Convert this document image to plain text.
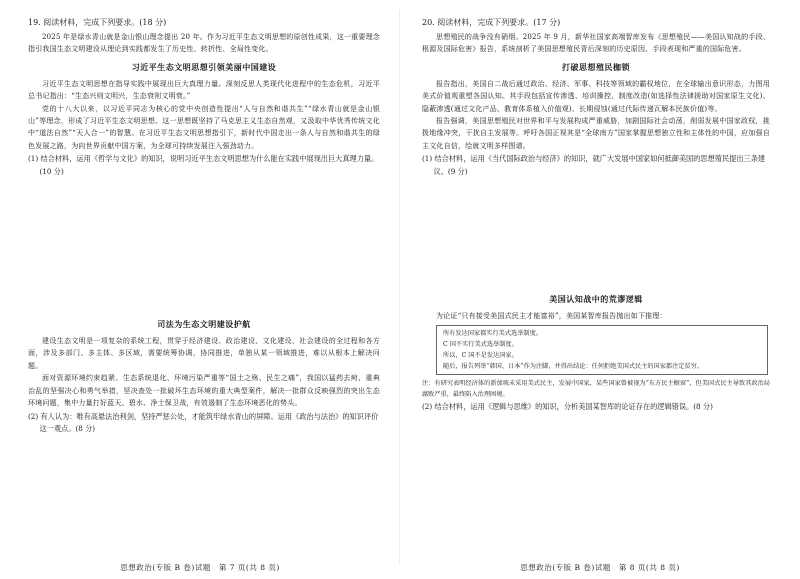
19. 阅读材料，完成下列要求。(18 分)

2025 年是绿水青山就是金山银山理念提出 20 年。作为习近平生态文明思想的原创性成果，这一重要理念指引我国生态文明建设从理论到实践都发生了历史性、转折性、全局性变化。

习近平生态文明思想引领美丽中国建设

习近平生态文明思想在指导实践中展现出巨大真理力量。深刻反思人类现代化进程中的生态危机，习近平总书记指出：“生态兴则文明兴，生态衰则文明衰。”

党的十八大以来，以习近平同志为核心的党中央创造性提出“人与自然和谐共生”“绿水青山就是金山银山”等理念，形成了习近平生态文明思想。这一思想既坚持了马克思主义生态自然观，又汲取中华优秀传统文化中“道法自然”“天人合一”的智慧。在习近平生态文明思想指引下，新时代中国走出一条人与自然和谐共生的绿色发展之路，为向世界贡献中国方案，为全球可持续发展注入强劲动力。

(1) 结合材料，运用《哲学与文化》的知识，说明习近平生态文明思想为什么能在实践中展现出巨大真理力量。(10 分)

司法为生态文明建设护航

建设生态文明是一项复杂的系统工程，贯穿于经济建设、政治建设、文化建设、社会建设的全过程和各方面，涉及多部门、多主体、多区域，需要统筹协调，协同推进，单独从某一领域推进，难以从根本上解决问题。

面对资源环境约束趋紧、生态系统退化、环境污染严重等“国土之殇、民生之痛”，我国以猛药去疴、重典治乱的坚强决心和勇气举措，坚决查处一批破坏生态环境的重大典型案件，解决一批群众反映强烈的突出生态环境问题，集中力量打好蓝天、碧水、净土保卫战，有效遏制了生态环境恶化的势头。

(2) 有人认为：唯有高悬法治利剑，坚持严惩公处，才能筑牢绿水青山的屏障。运用《政治与法治》的知识评价这一观点。(8 分)

思想政治(专版 B 卷)试题　第 7 页(共 8 页)

20. 阅读材料，完成下列要求。(17 分)

思想殖民的战争没有硝烟。2025 年 9 月，新华社国家高端智库发布《思想殖民——美国认知战的手段、根源及国际危害》报告，系统剖析了美国思想殖民背后深刻的历史原因、手段表现和严重的国际危害。

打破思想殖民枷锁

报告指出，美国自二战后通过政治、经济、军事、科技等领域的霸权地位，在全球输出意识形态，力图用美式价值观重塑各国认知。其手段包括宣传渗透、培训操控、制度改造(如选择性法律援助对国家原生文化)、隐蔽渗透(通过文化产品、教育体系植入价值观)、长期侵蚀(通过代际传递瓦解本民族价值)等。

报告强调，美国思想殖民对世界和平与发展构成严重威胁，加剧国际社会动荡，削弱发展中国家政权，挑拨地缘冲突，干扰自主发展等。呼吁各国正视其是“全球南方”国家掌握思想独立性和主体性的中国，应加强自主文化自信，绘就文明多样图谱。

(1) 结合材料，运用《当代国际政治与经济》的知识，就广大发展中国家如何抵御美国的思想殖民提出三条建议。(9 分)

美国认知战中的荒谬逻辑

为论证“只有接受美国式民主才能富裕”，美国某智库报告抛出如下推理：

所有发达国家都实行美式选举制度。

C 国不实行美式选举制度。

所以，C 国不是发达国家。

随后，报告列举“韩国、日本”作为注脚，并得出结论：任何拒绝美国式民主的国家都注定贫穷。

注：有研究表明经济体的新加坡未采用美式民主，发展中国家，某些国家曾被视为“东方民主橱窗”，但美国式民主导致其政治局腐败严重，最终陷入治理困境。

(2) 结合材料，运用《逻辑与思维》的知识，分析美国某智库的论证存在的逻辑错误。(8 分)

思想政治(专版 B 卷)试题　第 8 页(共 8 页)
